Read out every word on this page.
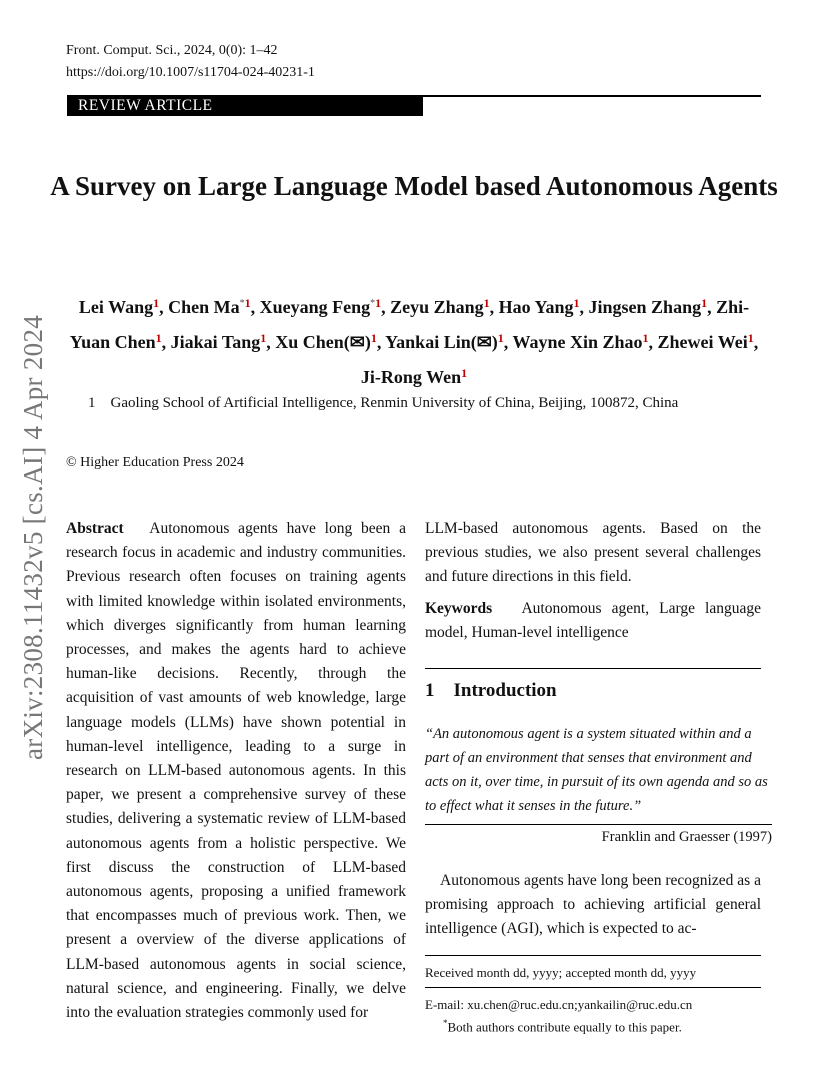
Front. Comput. Sci., 2024, 0(0): 1–42
https://doi.org/10.1007/s11704-024-40231-1
REVIEW ARTICLE
arXiv:2308.11432v5 [cs.AI] 4 Apr 2024
A Survey on Large Language Model based Autonomous Agents
Lei Wang$^1$, Chen Ma$^{*1}$, Xueyang Feng$^{*1}$, Zeyu Zhang$^1$, Hao Yang$^1$, Jingsen Zhang$^1$, Zhi-Yuan Chen$^1$, Jiakai Tang$^1$, Xu Chen(✉)$^1$, Yankai Lin(✉)$^1$, Wayne Xin Zhao$^1$, Zhewei Wei$^1$, Ji-Rong Wen$^1$
1 Gaoling School of Artificial Intelligence, Renmin University of China, Beijing, 100872, China
© Higher Education Press 2024
Abstract Autonomous agents have long been a research focus in academic and industry communities. Previous research often focuses on training agents with limited knowledge within isolated environments, which diverges significantly from human learning processes, and makes the agents hard to achieve human-like decisions. Recently, through the acquisition of vast amounts of web knowledge, large language models (LLMs) have shown potential in human-level intelligence, leading to a surge in research on LLM-based autonomous agents. In this paper, we present a comprehensive survey of these studies, delivering a systematic review of LLM-based autonomous agents from a holistic perspective. We first discuss the construction of LLM-based autonomous agents, proposing a unified framework that encompasses much of previous work. Then, we present a overview of the diverse applications of LLM-based autonomous agents in social science, natural science, and engineering. Finally, we delve into the evaluation strategies commonly used for
LLM-based autonomous agents. Based on the previous studies, we also present several challenges and future directions in this field.
Keywords Autonomous agent, Large language model, Human-level intelligence
1 Introduction
“An autonomous agent is a system situated within and a part of an environment that senses that environment and acts on it, over time, in pursuit of its own agenda and so as to effect what it senses in the future.”
Franklin and Graesser (1997)
Autonomous agents have long been recognized as a promising approach to achieving artificial general intelligence (AGI), which is expected to ac-
Received month dd, yyyy; accepted month dd, yyyy
E-mail: xu.chen@ruc.edu.cn;yankailin@ruc.edu.cn
*Both authors contribute equally to this paper.
